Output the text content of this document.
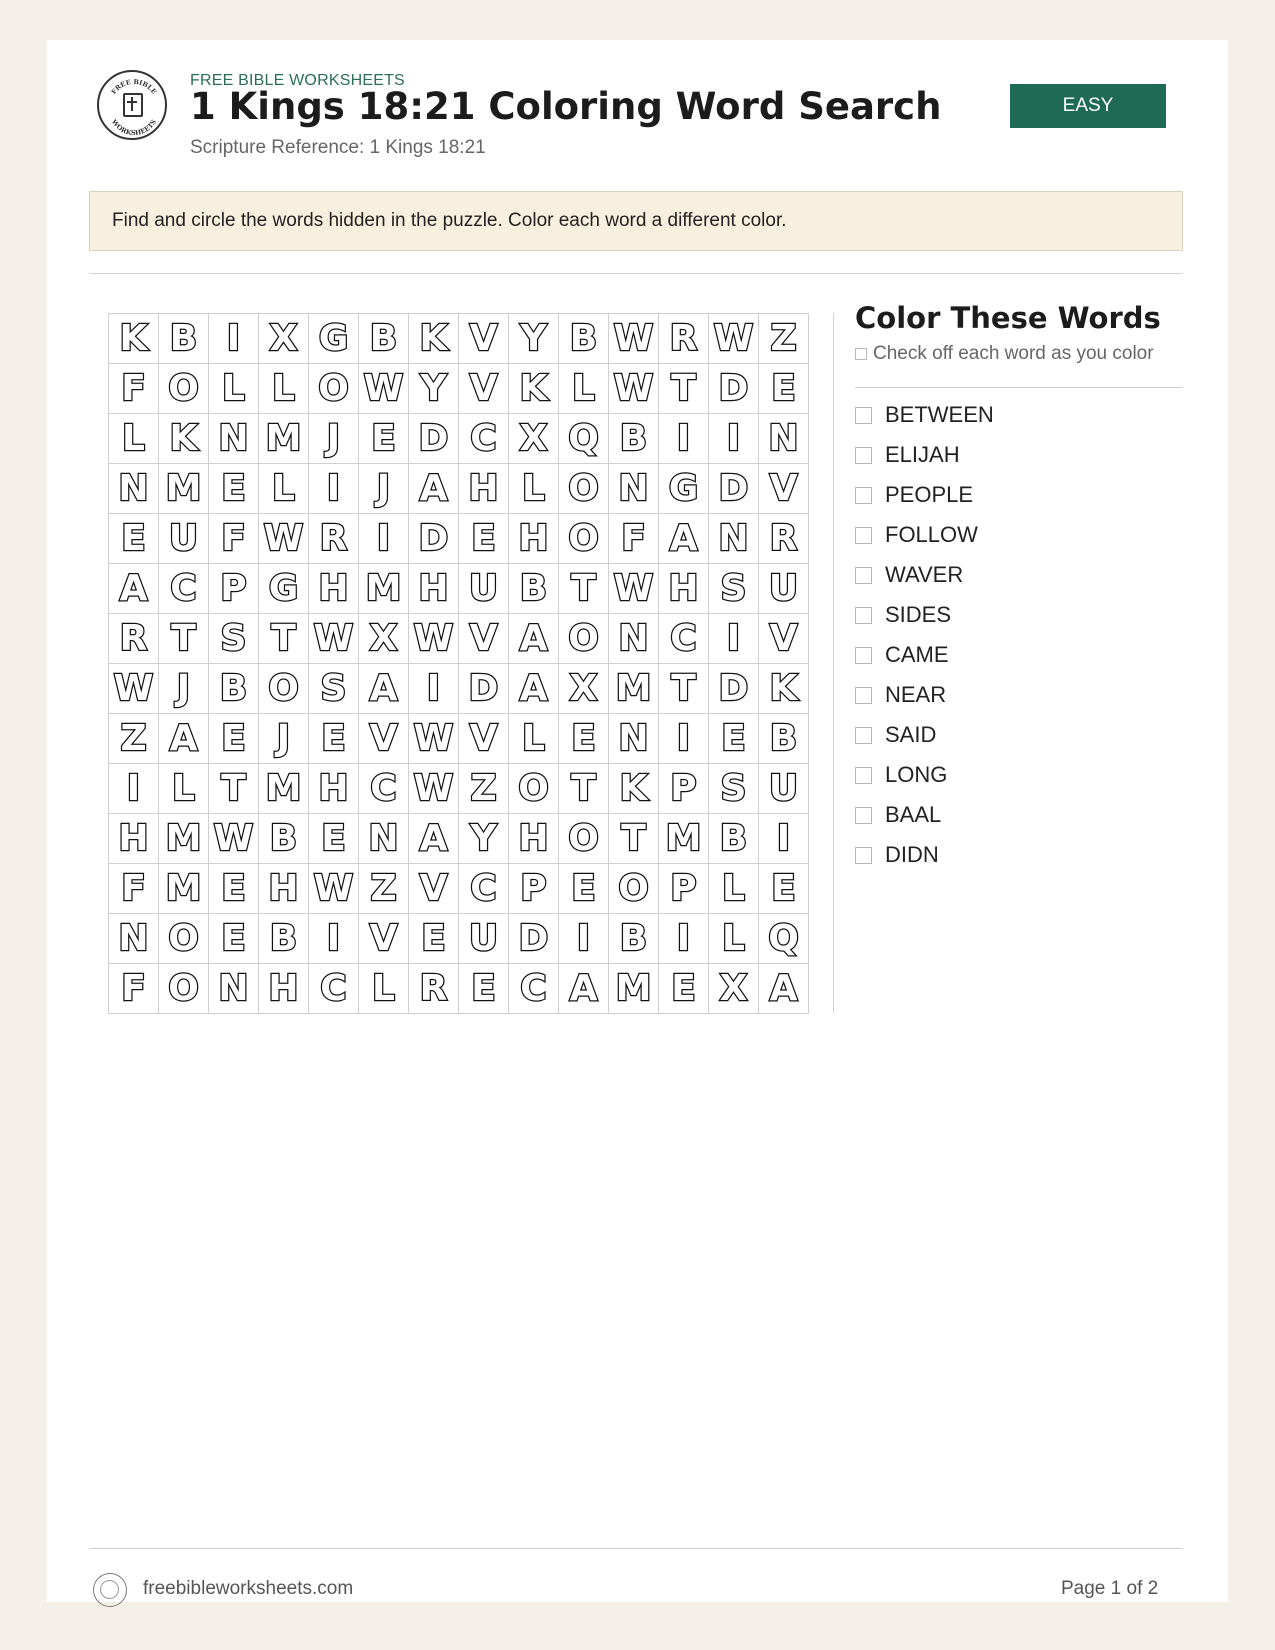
FREE BIBLE
WORKSHEETS
FREE BIBLE WORKSHEETS
1 Kings 18:21 Coloring Word Search
Scripture Reference: 1 Kings 18:21
EASY
Find and circle the words hidden in the puzzle. Color each word a different color.
K B I X G B K V Y B W R W Z
F O L L O W Y V K L W T D E
L K N M J E D C X Q B I	I N
N M E L I	J A H L O N G D V
E U F W R I D E H O F A N R
A C P G H M H U B T W H S U
R T S T W X W V A O N C I V
W J B O S A I D A X M T D K
Z A E J E V W V L E N I E B
I L T M H C W Z O T K P S U
H M W B E N A Y H O T M B I
F M E H W Z V C P E O P L E
N O E B I V E U D I B I L Q
F O N H C L R E C A M E X A
Color These Words
Check off each word as you color
BETWEEN
ELIJAH
PEOPLE
FOLLOW
WAVER
SIDES
CAME
NEAR
SAID
LONG
BAAL
DIDN
freebibleworksheets.com	Page 1 of 2
